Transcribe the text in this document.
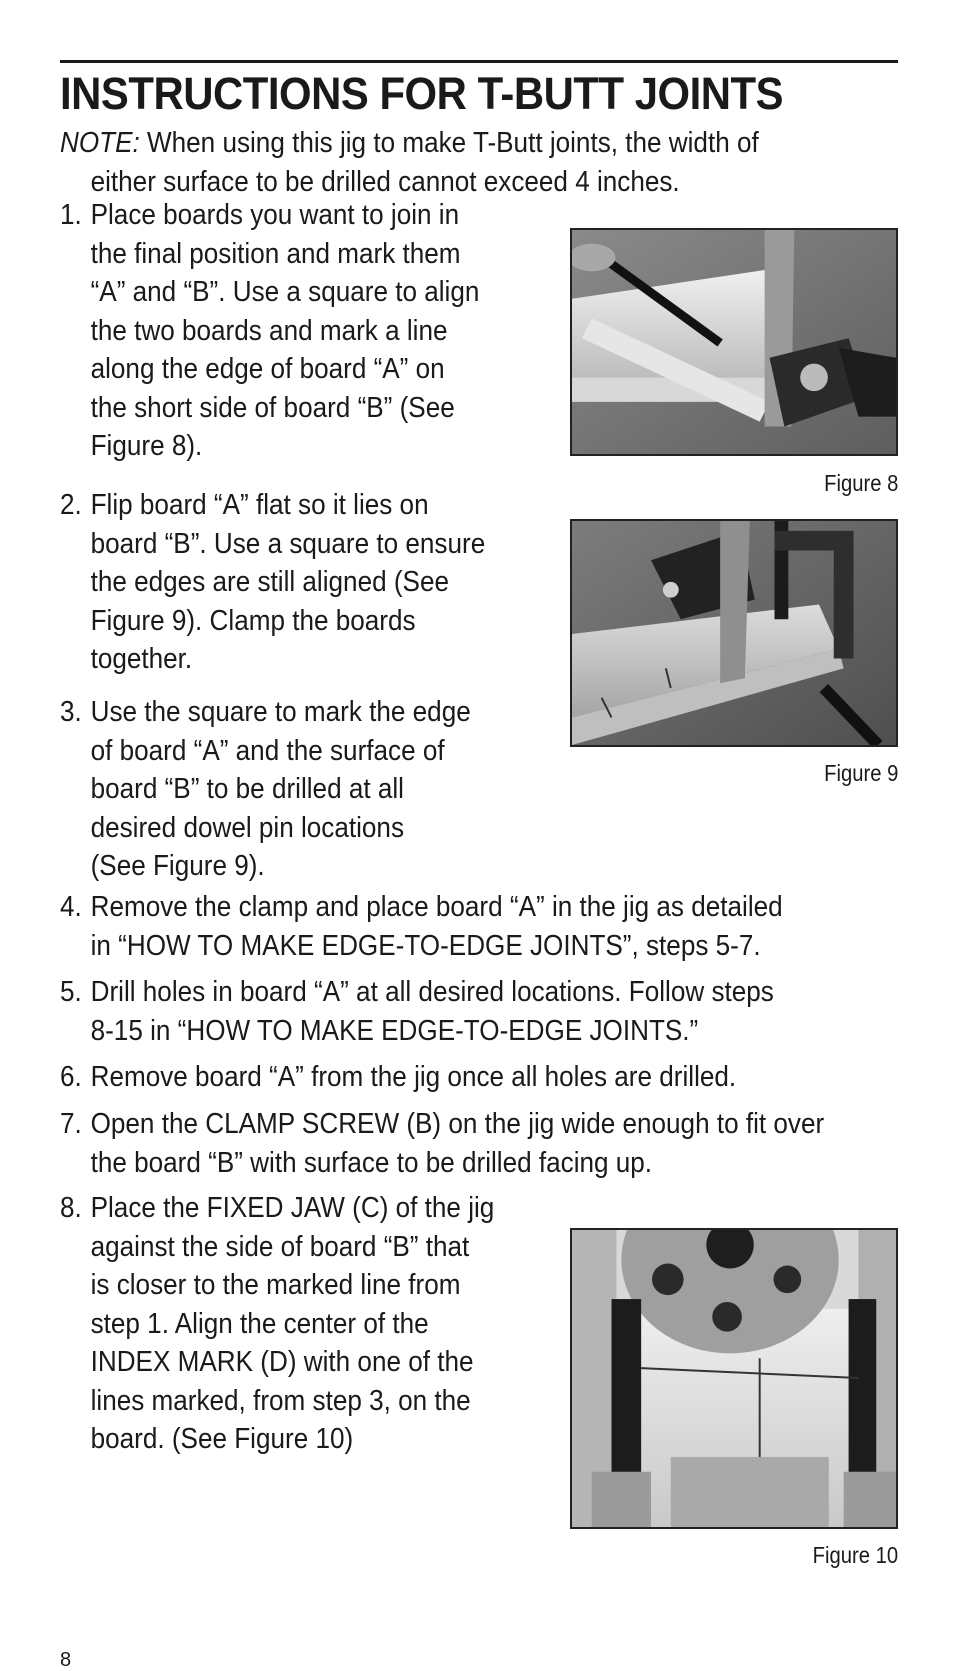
INSTRUCTIONS FOR T-BUTT JOINTS
NOTE: When using this jig to make T-Butt joints, the width of
either surface to be drilled cannot exceed 4 inches.
1. Place boards you want to join in
the final position and mark them
“A” and “B”. Use a square to align
the two boards and mark a line
along the edge of board “A” on
the short side of board “B” (See
Figure 8).
2. Flip board “A” flat so it lies on
board “B”. Use a square to ensure
the edges are still aligned (See
Figure 9). Clamp the boards
together.
3. Use the square to mark the edge
of board “A” and the surface of
board “B” to be drilled at all
desired dowel pin locations
(See Figure 9).
4. Remove the clamp and place board “A” in the jig as detailed
in “HOW TO MAKE EDGE-TO-EDGE JOINTS”, steps 5-7.
5. Drill holes in board “A” at all desired locations. Follow steps
8-15 in “HOW TO MAKE EDGE-TO-EDGE JOINTS.”
6. Remove board “A” from the jig once all holes are drilled.
7. Open the CLAMP SCREW (B) on the jig wide enough to fit over
the board “B” with surface to be drilled facing up.
8. Place the FIXED JAW (C) of the jig
against the side of board “B” that
is closer to the marked line from
step 1. Align the center of the
INDEX MARK (D) with one of the
lines marked, from step 3, on the
board. (See Figure 10)
Figure 8
Figure 9
Figure 10
8
